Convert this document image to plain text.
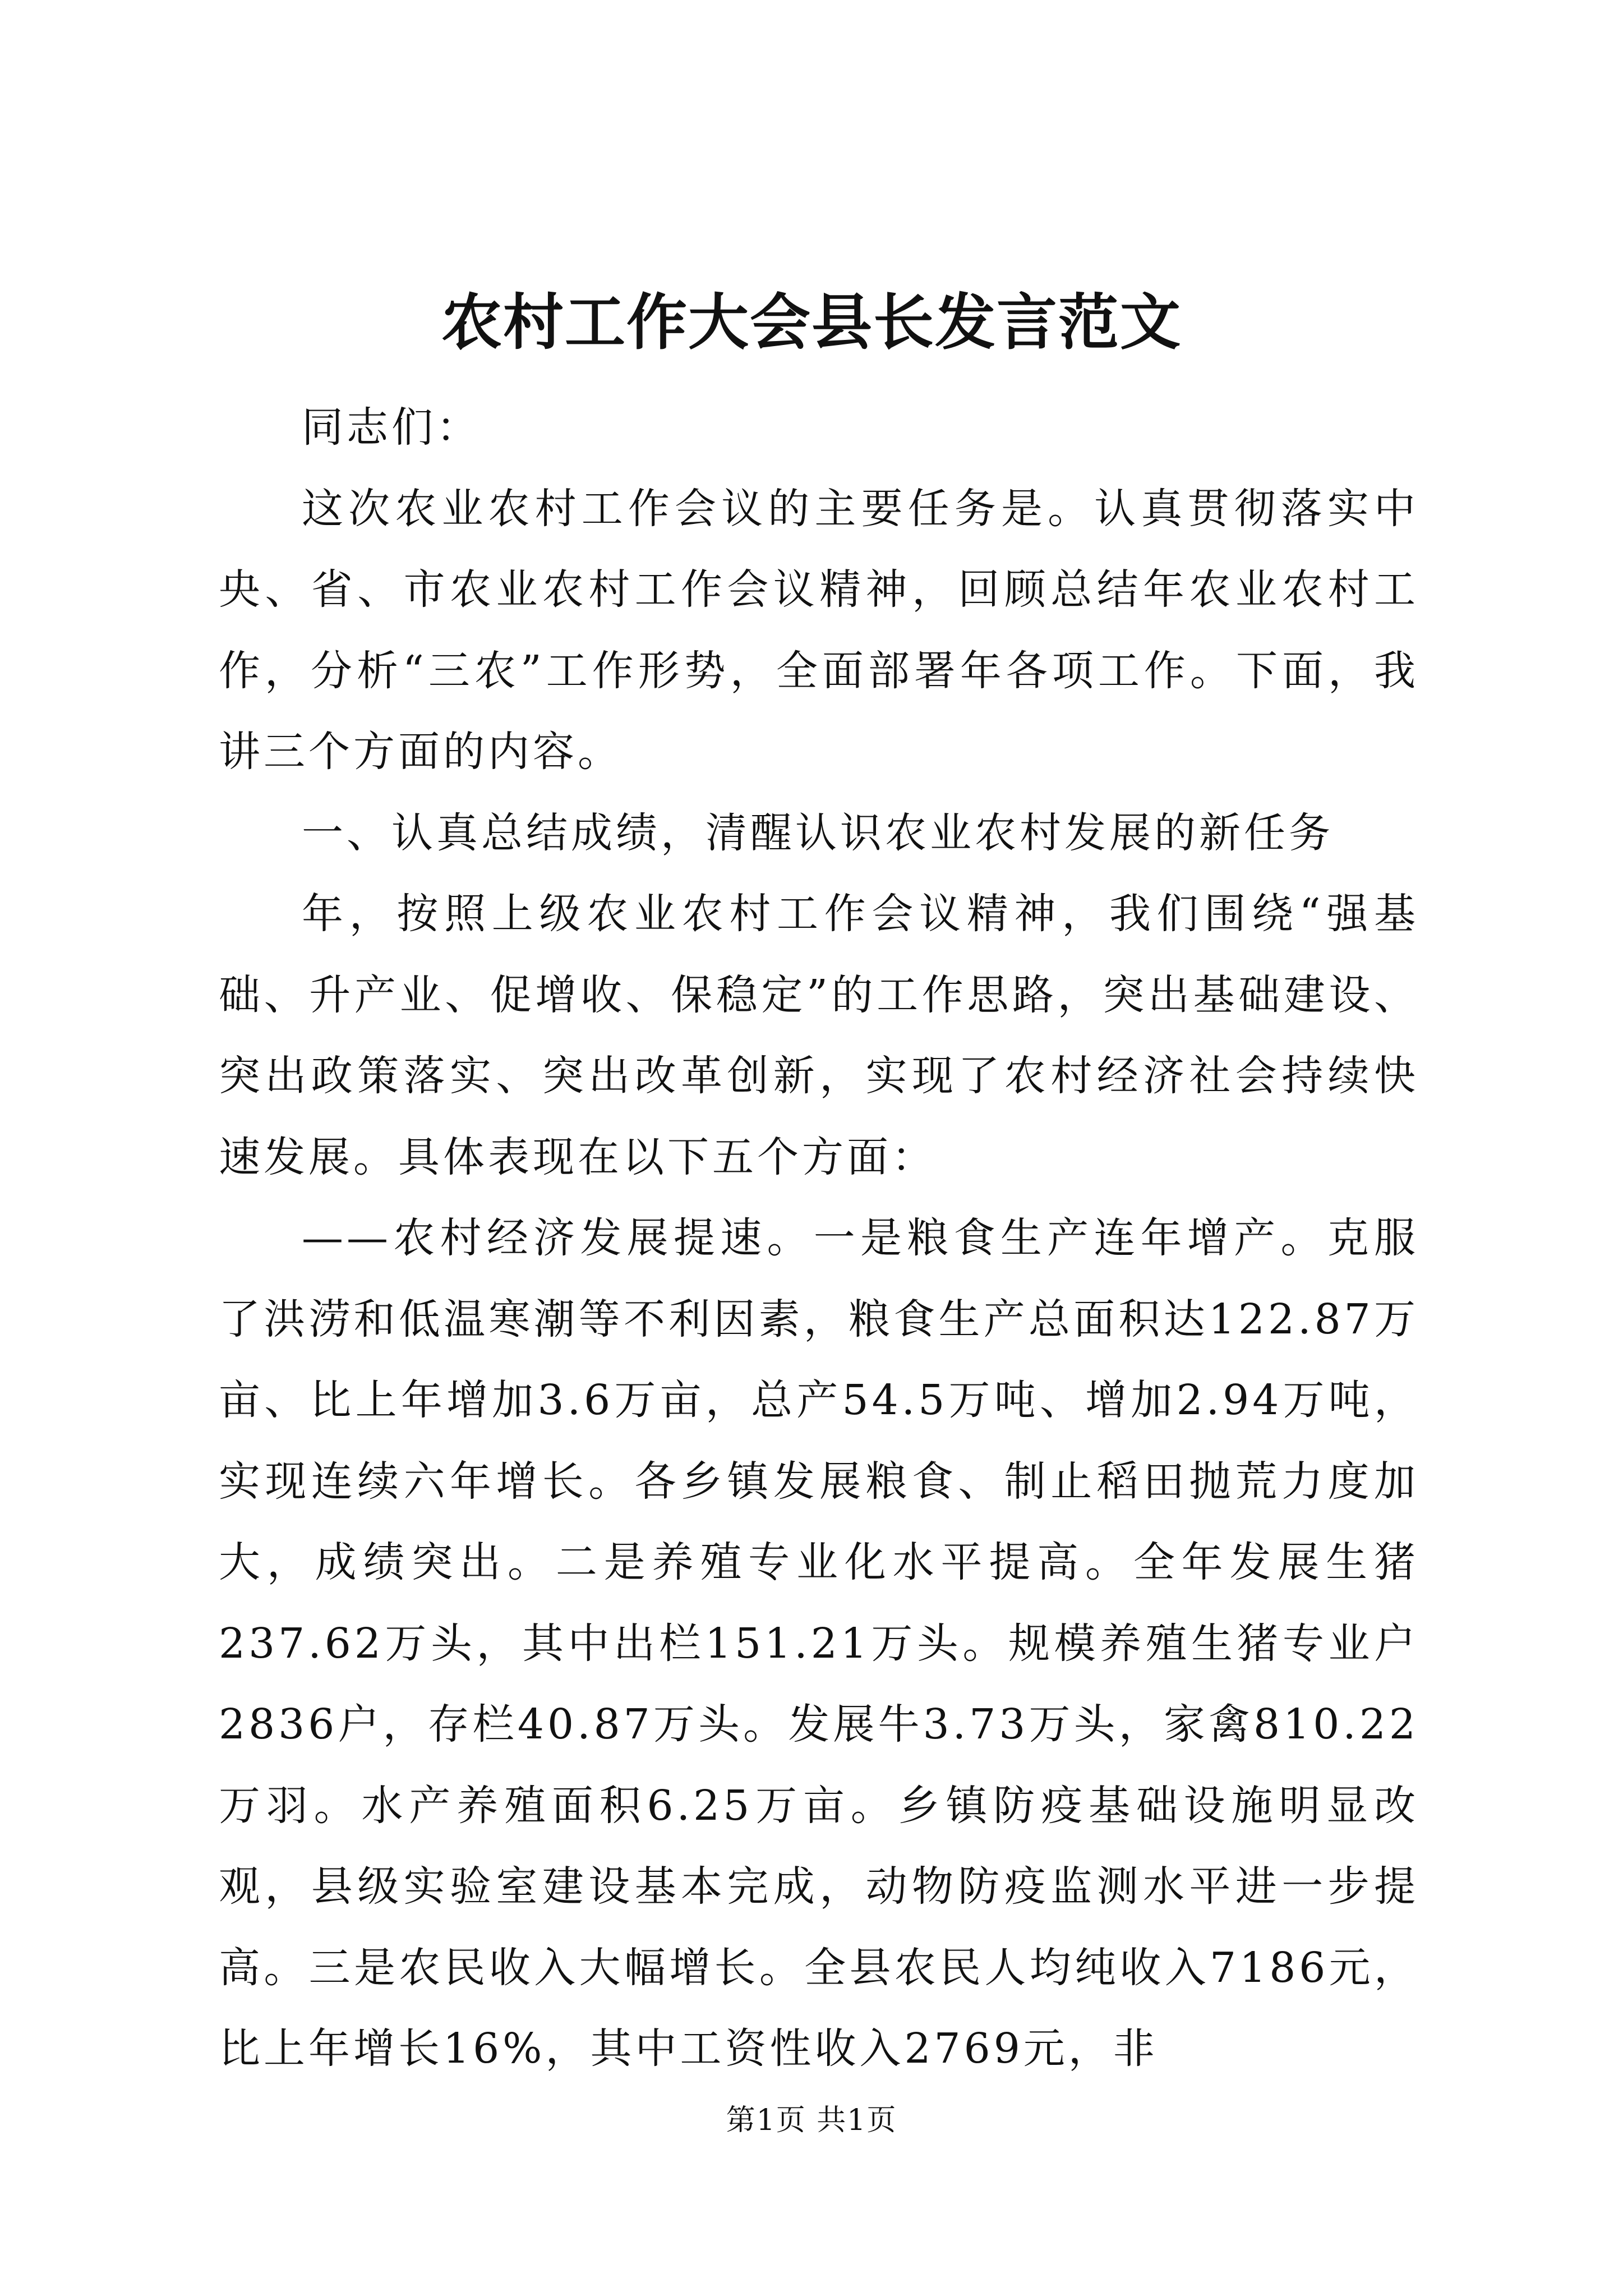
农村工作大会县长发言范文

同志们：

这次农业农村工作会议的主要任务是。认真贯彻落实中央、省、市农业农村工作会议精神，回顾总结年农业农村工作，分析“三农”工作形势，全面部署年各项工作。下面，我讲三个方面的内容。

一、认真总结成绩，清醒认识农业农村发展的新任务

年，按照上级农业农村工作会议精神，我们围绕“强基础、升产业、促增收、保稳定”的工作思路，突出基础建设、突出政策落实、突出改革创新，实现了农村经济社会持续快速发展。具体表现在以下五个方面：

——农村经济发展提速。一是粮食生产连年增产。克服了洪涝和低温寒潮等不利因素，粮食生产总面积达122.87万亩、比上年增加3.6万亩，总产54.5万吨、增加2.94万吨，实现连续六年增长。各乡镇发展粮食、制止稻田抛荒力度加大，成绩突出。二是养殖专业化水平提高。全年发展生猪237.62万头，其中出栏151.21万头。规模养殖生猪专业户2836户，存栏40.87万头。发展牛3.73万头，家禽810.22万羽。水产养殖面积6.25万亩。乡镇防疫基础设施明显改观，县级实验室建设基本完成，动物防疫监测水平进一步提高。三是农民收入大幅增长。全县农民人均纯收入7186元，比上年增长16%，其中工资性收入2769元，非

第1页 共1页
